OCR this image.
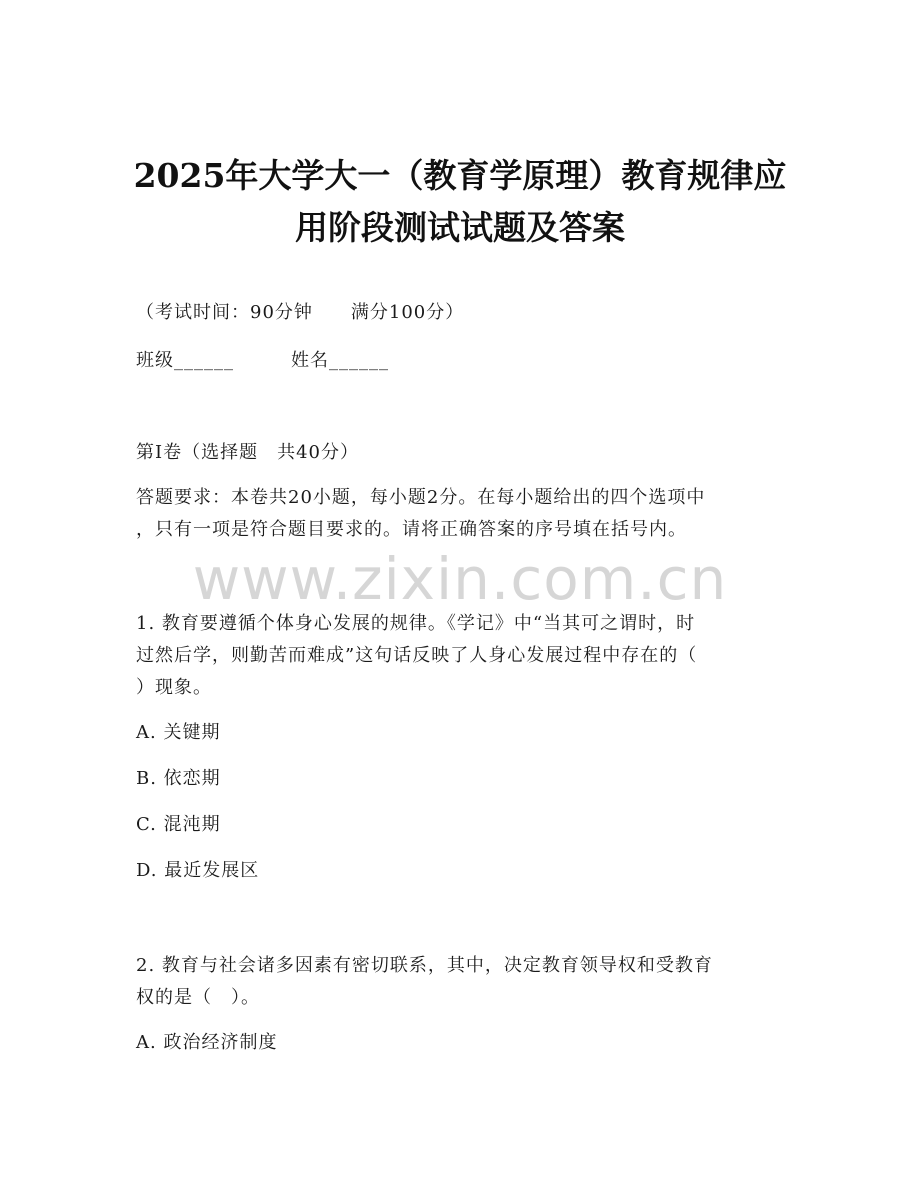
www.zixin.com.cn
2025年大学大一（教育学原理）教育规律应
用阶段测试试题及答案
（考试时间：90分钟　　满分100分）
班级______　　　姓名______
第Ⅰ卷（选择题　共40分）
答题要求：本卷共20小题，每小题2分。在每小题给出的四个选项中
，只有一项是符合题目要求的。请将正确答案的序号填在括号内。
1. 教育要遵循个体身心发展的规律。《学记》中“当其可之谓时，时
过然后学，则勤苦而难成”这句话反映了人身心发展过程中存在的（
）现象。
A. 关键期
B. 依恋期
C. 混沌期
D. 最近发展区
2. 教育与社会诸多因素有密切联系，其中，决定教育领导权和受教育
权的是（　）。
A. 政治经济制度
